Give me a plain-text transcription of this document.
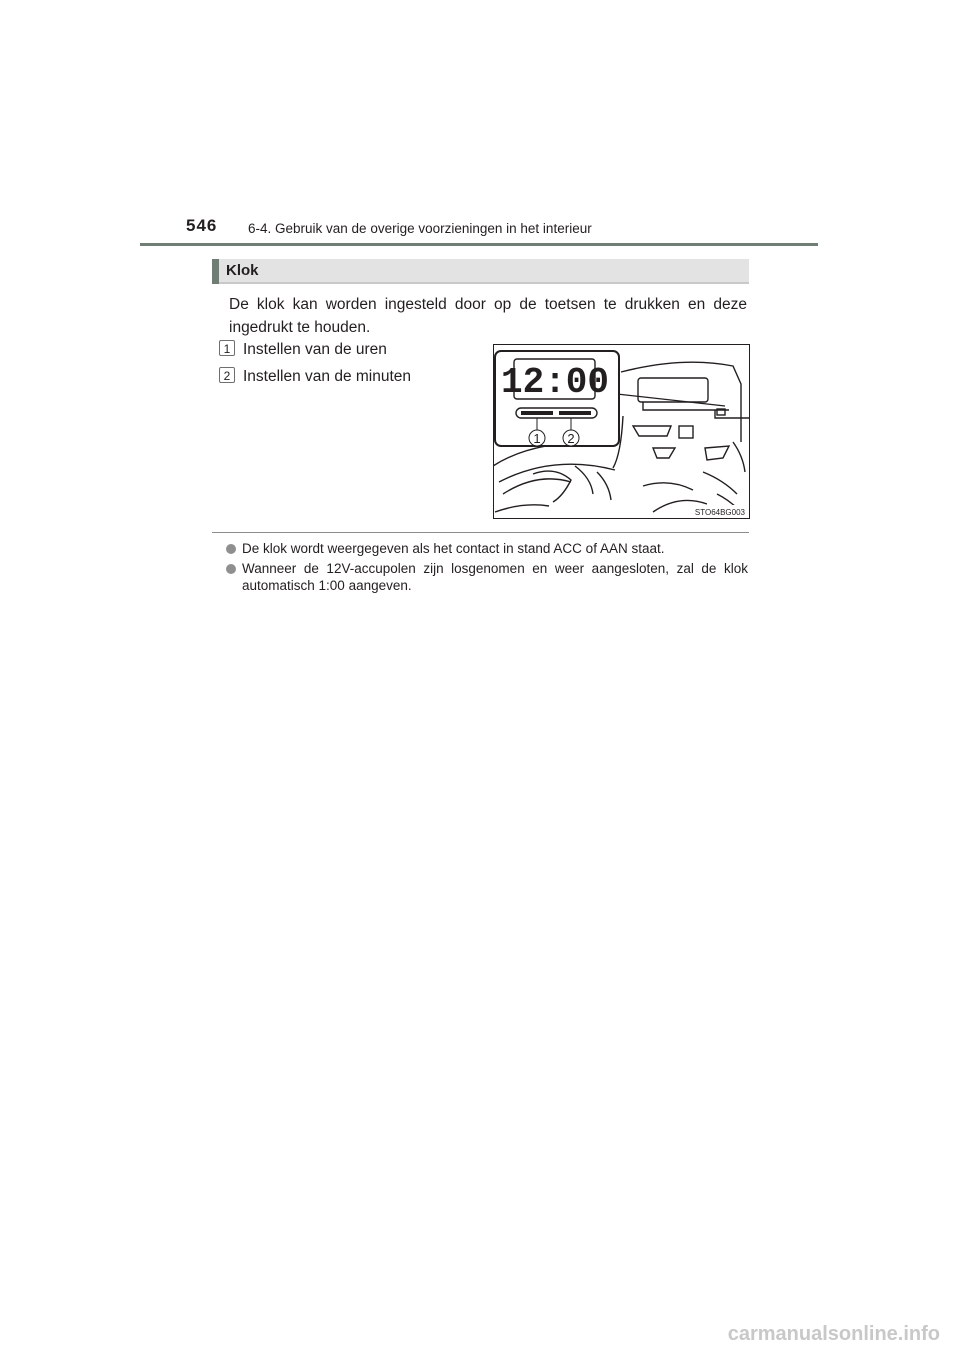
546 6-4. Gebruik van de overige voorzieningen in het interieur
Klok
De klok kan worden ingesteld door op de toetsen te drukken en deze ingedrukt te houden.
1 Instellen van de uren
2 Instellen van de minuten 12:00
1 2
STO64BG003
De klok wordt weergegeven als het contact in stand ACC of AAN staat.
Wanneer de 12V-accupolen zijn losgenomen en weer aangesloten, zal de klok automatisch 1:00 aangeven.
carmanualsonline.info
